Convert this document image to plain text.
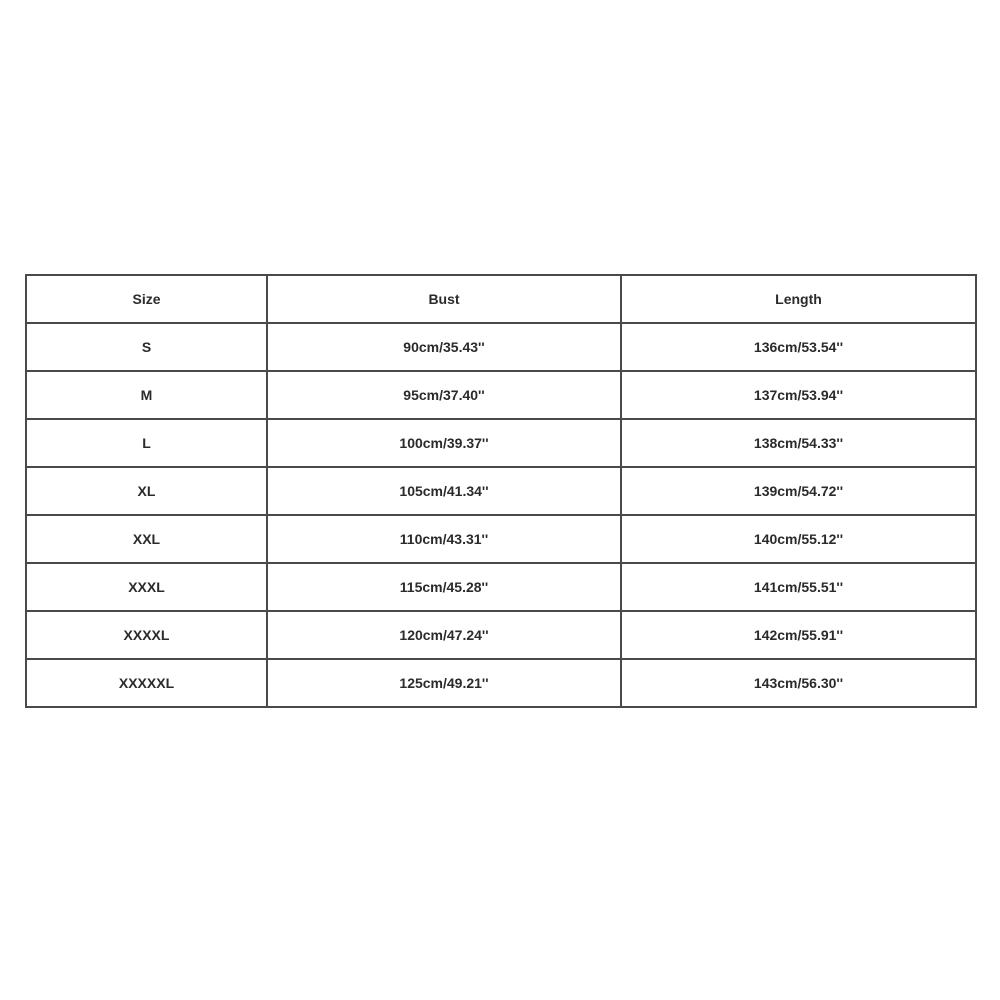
Size	Bust	Length
S	90cm/35.43''	136cm/53.54''
M	95cm/37.40''	137cm/53.94''
L	100cm/39.37''	138cm/54.33''
XL	105cm/41.34''	139cm/54.72''
XXL	110cm/43.31''	140cm/55.12''
XXXL	115cm/45.28''	141cm/55.51''
XXXXL	120cm/47.24''	142cm/55.91''
XXXXXL	125cm/49.21''	143cm/56.30''
